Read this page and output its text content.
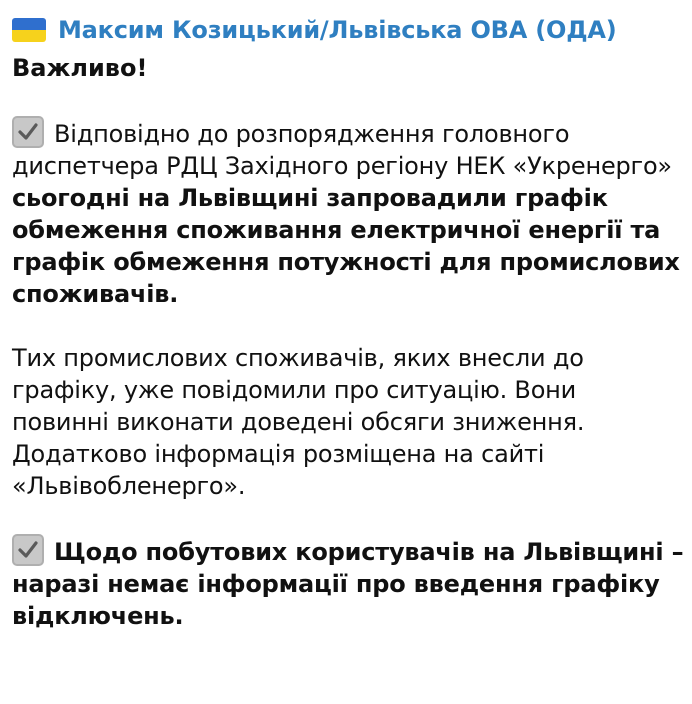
Максим Козицький/Львівська ОВА (ОДА)
Важливо!
Відповідно до розпорядження головного
диспетчера РДЦ Західного регіону НЕК «Укренерго»
сьогодні на Львівщині запровадили графік
обмеження споживання електричної енергії та
графік обмеження потужності для промислових
споживачів.
Тих промислових споживачів, яких внесли до
графіку, уже повідомили про ситуацію. Вони
повинні виконати доведені обсяги зниження.
Додатково інформація розміщена на сайті
«Львівобленерго».
Щодо побутових користувачів на Львівщині –
наразі немає інформації про введення графіку
відключень.
